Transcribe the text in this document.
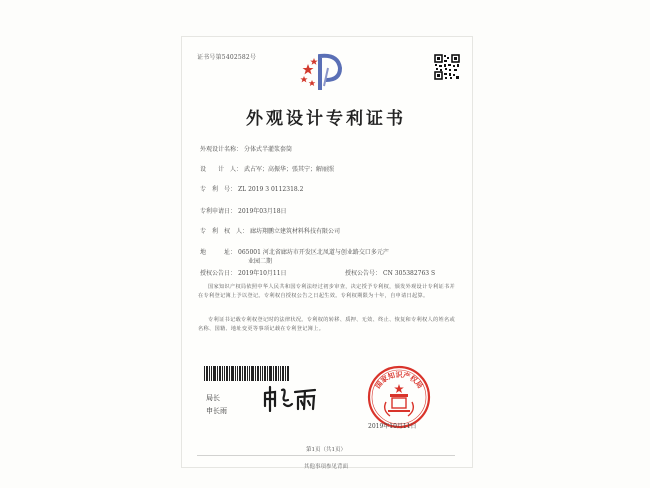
证书号第5402582号
外观设计专利证书
外观设计名称： 分体式半灌浆套筒
设　　计　人： 武占军；高振华；張其宁；解丽照
专　利　号： ZL 2019 3 0112318.2
专利申请日： 2019年03月18日
专　利　权　人： 廊坊翔鹏立建筑材料科技有限公司
地　　　址： 065001 河北省廊坊市开发区北凤道与创业路交口多元产
业园二期
授权公告日： 2019年10月11日	授权公告号： CN 305382763 S
国家知识产权局依照中华人民共和国专利法经过初步审查，决定授予专利权，颁发外观设计专利证书并在专利登记簿上予以登记。专利权自授权公告之日起生效。专利权期限为十年，自申请日起算。
专利证书记载专利权登记时的法律状况。专利权的转移、质押、无效、终止、恢复和专利权人的姓名或名称、国籍、地址变更等事项记载在专利登记簿上。
局长
申长雨
国家知识产权局
2019年10月11日
第1页（共1页）
其他事项参见背面
